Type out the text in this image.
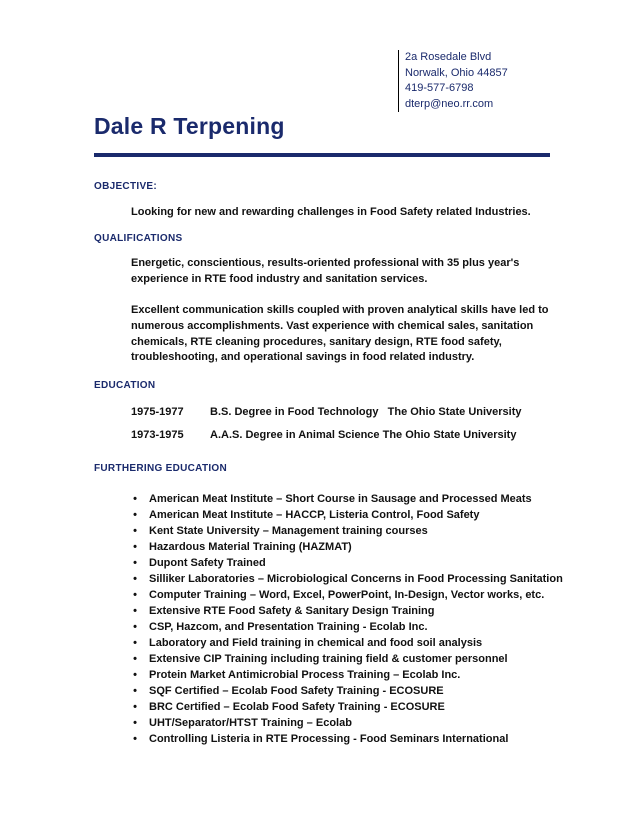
2a Rosedale Blvd
Norwalk, Ohio 44857
419-577-6798
dterp@neo.rr.com
Dale R Terpening
OBJECTIVE:

Looking for new and rewarding challenges in Food Safety related Industries.

QUALIFICATIONS

Energetic, conscientious, results-oriented professional with 35 plus year's experience in RTE food industry and sanitation services.

Excellent communication skills coupled with proven analytical skills have led to numerous accomplishments. Vast experience with chemical sales, sanitation chemicals, RTE cleaning procedures, sanitary design, RTE food safety, troubleshooting, and operational savings in food related industry.

EDUCATION
1975-1977 B.S. Degree in Food Technology   The Ohio State University
1973-1975 A.A.S. Degree in Animal Science The Ohio State University
FURTHERING EDUCATION
• American Meat Institute – Short Course in Sausage and Processed Meats
• American Meat Institute – HACCP, Listeria Control, Food Safety
• Kent State University – Management training courses
• Hazardous Material Training (HAZMAT)
• Dupont Safety Trained
• Silliker Laboratories – Microbiological Concerns in Food Processing Sanitation
• Computer Training – Word, Excel, PowerPoint, In-Design, Vector works, etc.
• Extensive RTE Food Safety & Sanitary Design Training
• CSP, Hazcom, and Presentation Training - Ecolab Inc.
• Laboratory and Field training in chemical and food soil analysis
• Extensive CIP Training including training field & customer personnel
• Protein Market Antimicrobial Process Training – Ecolab Inc.
• SQF Certified – Ecolab Food Safety Training - ECOSURE
• BRC Certified – Ecolab Food Safety Training - ECOSURE
• UHT/Separator/HTST Training – Ecolab
• Controlling Listeria in RTE Processing - Food Seminars International
